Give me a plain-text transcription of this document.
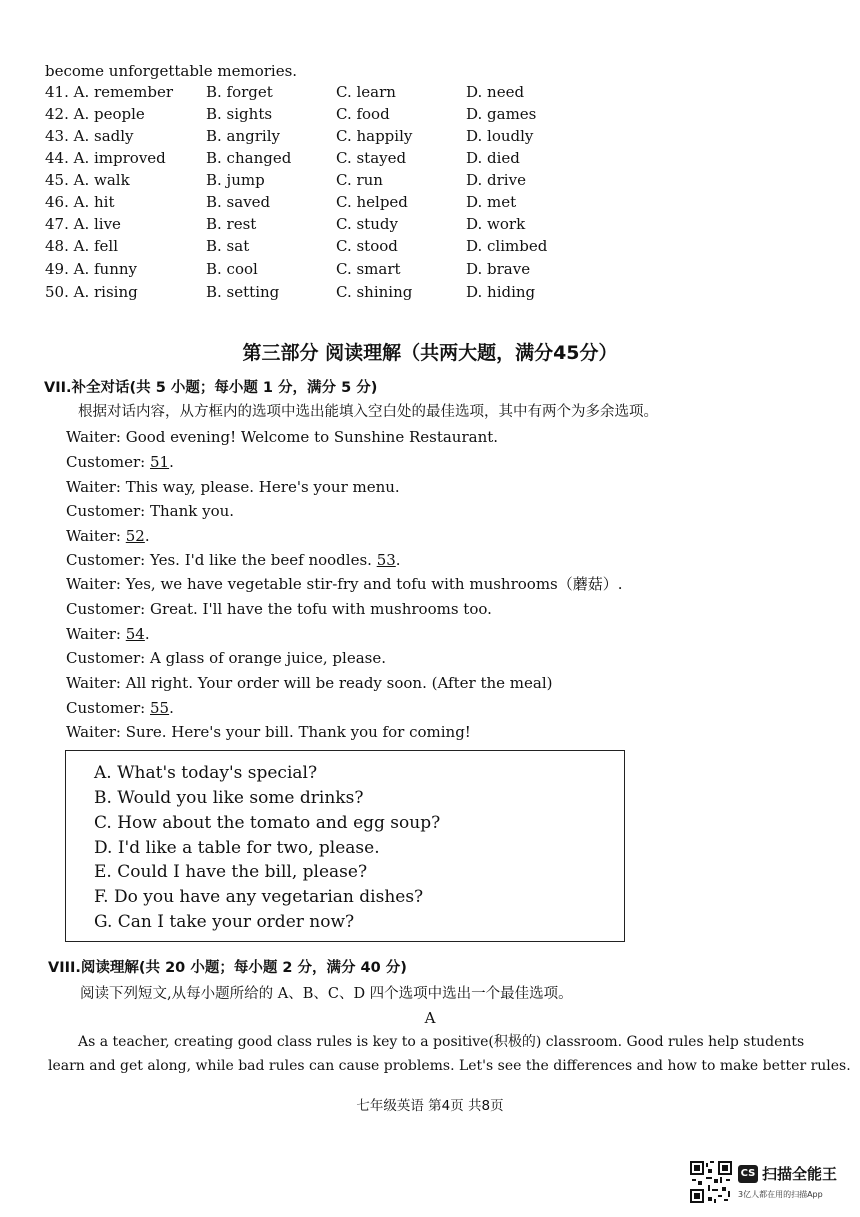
become unforgettable memories.
41. A. remember B. forget	C. learn	D. need
42. A. people	B. sights	C. food	D. games
43. A. sadly	B. angrily	C. happily	D. loudly
44. A. improved	B. changed	C. stayed	D. died
45. A. walk	B. jump	C. run	D. drive
46. A. hit	B. saved	C. helped	D. met
47. A. live	B. rest	C. study	D. work
48. A. fell	B. sat	C. stood	D. climbed
49. A. funny	B. cool	C. smart	D. brave
50. A. rising	B. setting	C. shining	D. hiding
第三部分 阅读理解（共两大题，满分45分）
VII.补全对话(共 5 小题；每小题 1 分，满分 5 分)
根据对话内容，从方框内的选项中选出能填入空白处的最佳选项，其中有两个为多余选项。
Waiter: Good evening! Welcome to Sunshine Restaurant.
Customer: 51.
Waiter: This way, please. Here's your menu.
Customer: Thank you.
Waiter: 52.
Customer: Yes. I'd like the beef noodles. 53.
Waiter: Yes, we have vegetable stir-fry and tofu with mushrooms（蘑菇）.
Customer: Great. I'll have the tofu with mushrooms too.
Waiter: 54.
Customer: A glass of orange juice, please.
Waiter: All right. Your order will be ready soon. (After the meal)
Customer: 55.
Waiter: Sure. Here's your bill. Thank you for coming!
A. What's today's special?
B. Would you like some drinks?
C. How about the tomato and egg soup?
D. I'd like a table for two, please.
E. Could I have the bill, please?
F. Do you have any vegetarian dishes?
G. Can I take your order now?
VIII.阅读理解(共 20 小题；每小题 2 分，满分 40 分)
阅读下列短文,从每小题所给的 A、B、C、D 四个选项中选出一个最佳选项。
A
As a teacher, creating good class rules is key to a positive(积极的) classroom. Good rules help students
learn and get along, while bad rules can cause problems. Let's see the differences and how to make better rules.
七年级英语 第4页 共8页
CS 扫描全能王
3亿人都在用的扫描App
